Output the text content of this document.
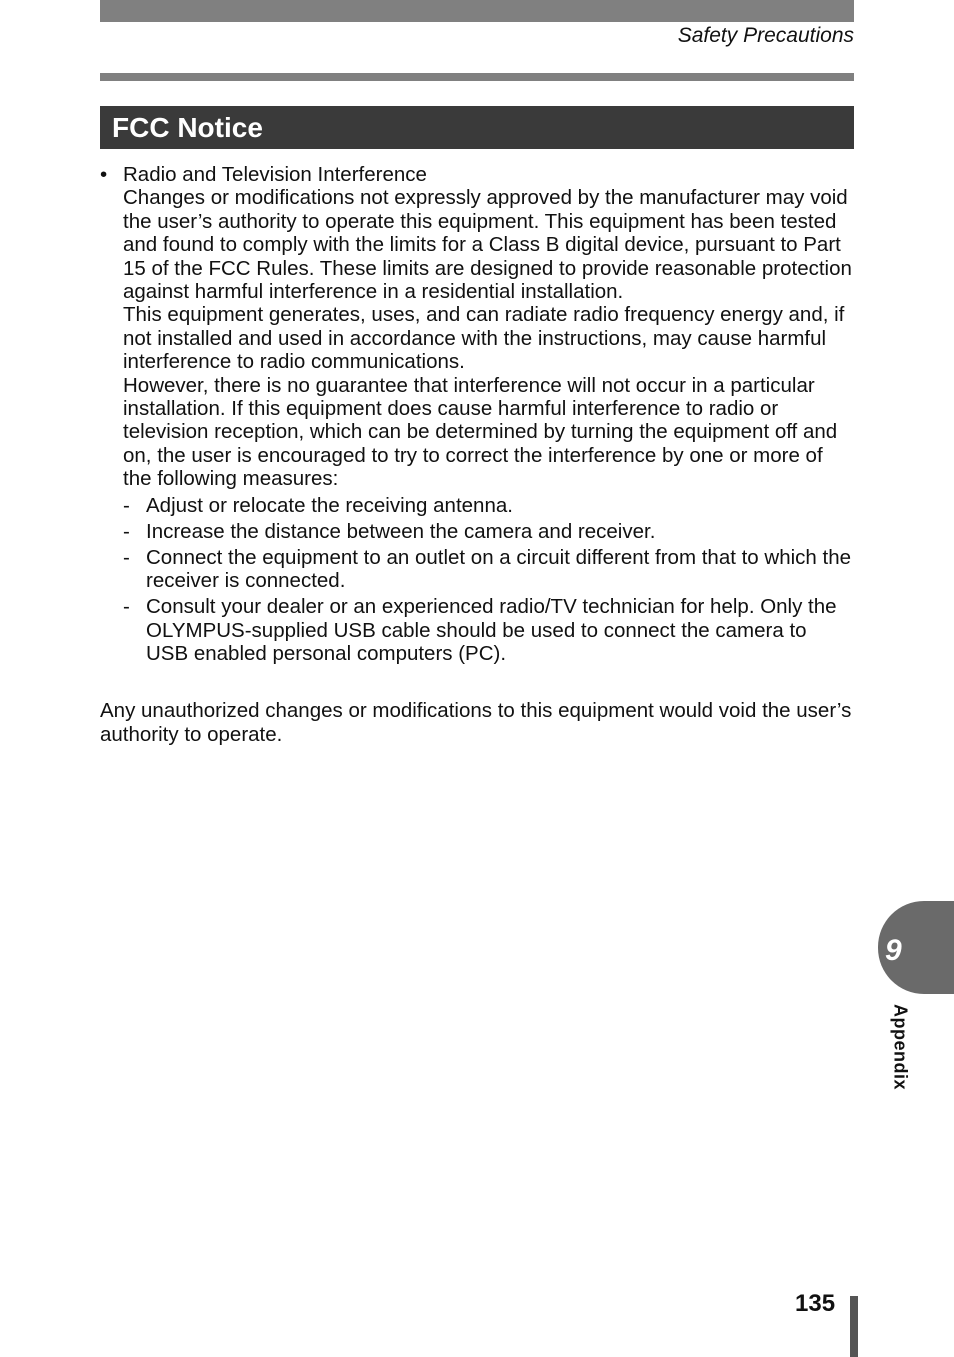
Safety Precautions
FCC Notice
• Radio and Television Interference

Changes or modifications not expressly approved by the manufacturer may void the user’s authority to operate this equipment. This equipment has been tested and found to comply with the limits for a Class B digital device, pursuant to Part 15 of the FCC Rules. These limits are designed to provide reasonable protection against harmful interference in a residential installation.

This equipment generates, uses, and can radiate radio frequency energy and, if not installed and used in accordance with the instructions, may cause harmful interference to radio communications.

However, there is no guarantee that interference will not occur in a particular installation. If this equipment does cause harmful interference to radio or television reception, which can be determined by turning the equipment off and on, the user is encouraged to try to correct the interference by one or more of the following measures:

- Adjust or relocate the receiving antenna.
- Increase the distance between the camera and receiver.
- Connect the equipment to an outlet on a circuit different from that to which the receiver is connected.
- Consult your dealer or an experienced radio/TV technician for help. Only the OLYMPUS-supplied USB cable should be used to connect the camera to USB enabled personal computers (PC).

Any unauthorized changes or modifications to this equipment would void the user’s authority to operate.

9
Appendix
135
